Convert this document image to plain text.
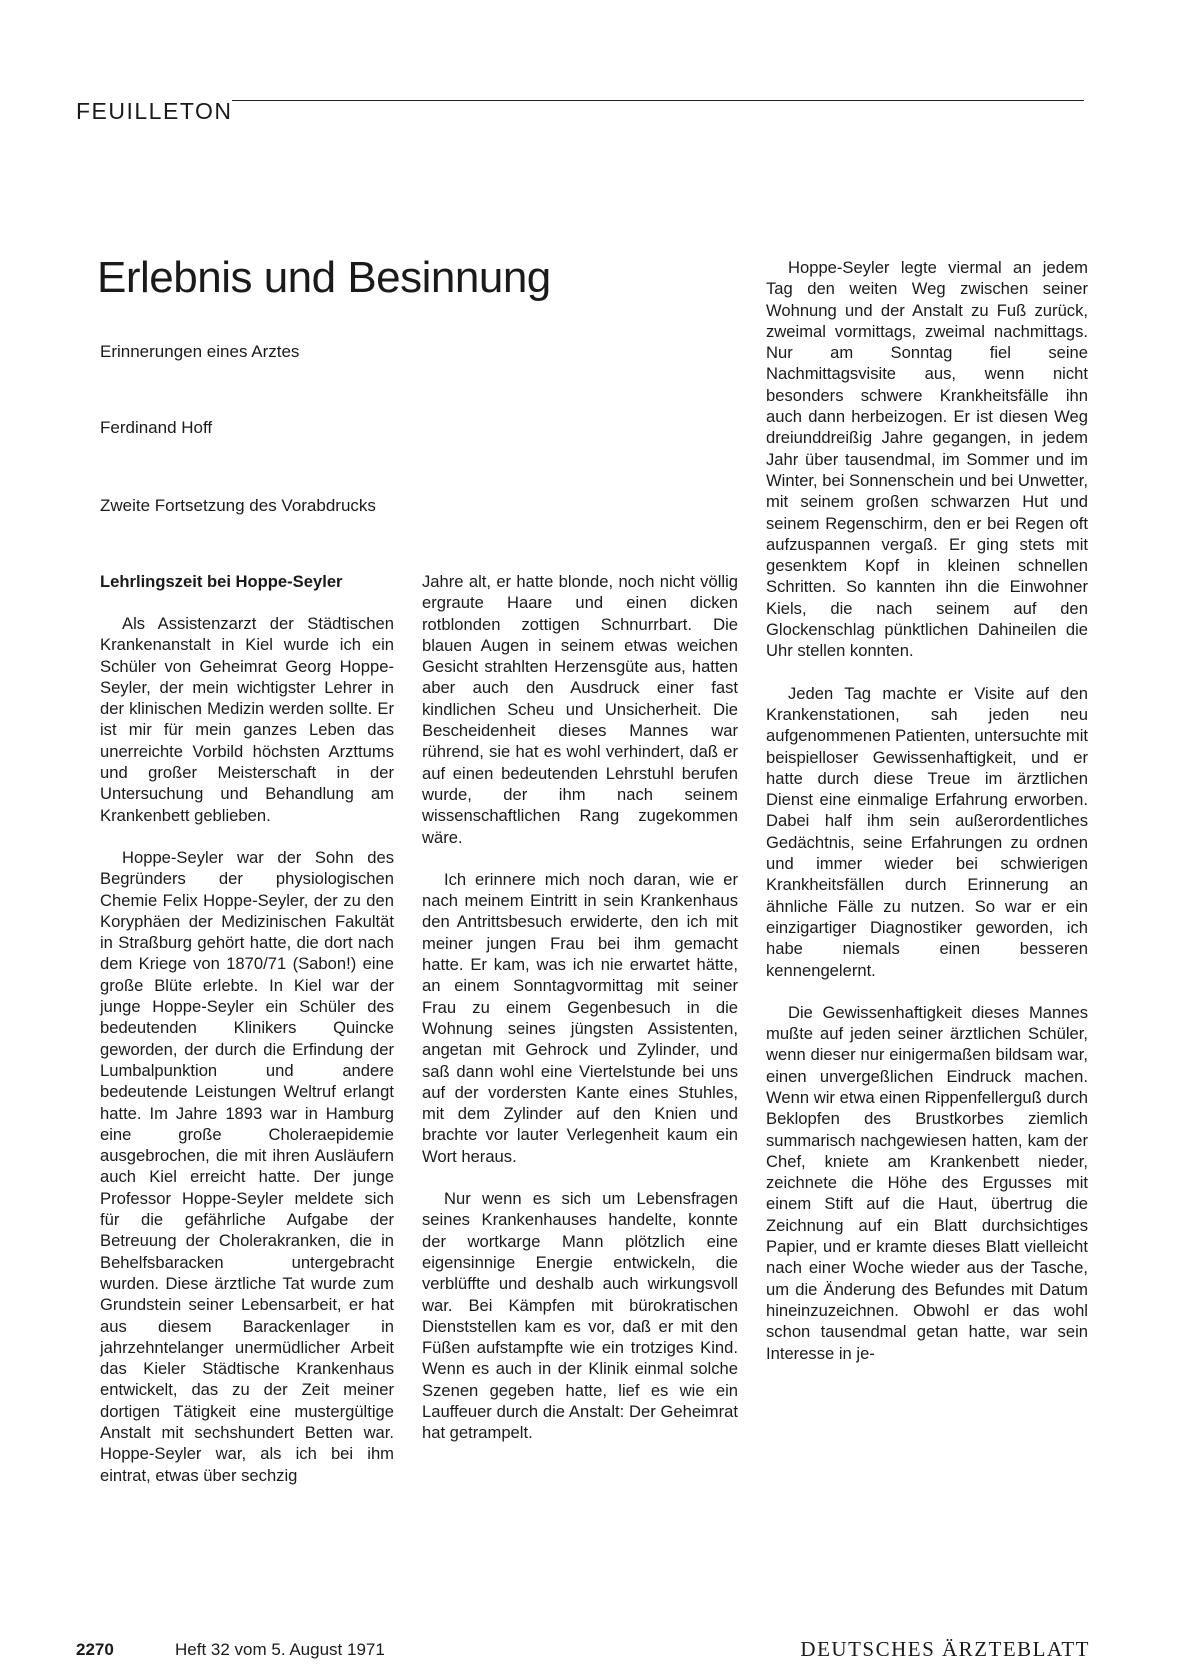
FEUILLETON
Erlebnis und Besinnung
Erinnerungen eines Arztes
Ferdinand Hoff
Zweite Fortsetzung des Vorabdrucks
Lehrlingszeit bei Hoppe-Seyler

Als Assistenzarzt der Städtischen Krankenanstalt in Kiel wurde ich ein Schüler von Geheimrat Georg Hoppe-Seyler, der mein wichtigster Lehrer in der klinischen Medizin werden sollte. Er ist mir für mein ganzes Leben das unerreichte Vorbild höchsten Arzttums und großer Meisterschaft in der Untersuchung und Behandlung am Krankenbett geblieben.

Hoppe-Seyler war der Sohn des Begründers der physiologischen Chemie Felix Hoppe-Seyler, der zu den Koryphäen der Medizinischen Fakultät in Straßburg gehört hatte, die dort nach dem Kriege von 1870/71 (Sabon!) eine große Blüte erlebte. In Kiel war der junge Hoppe-Seyler ein Schüler des bedeutenden Klinikers Quincke geworden, der durch die Erfindung der Lumbalpunktion und andere bedeutende Leistungen Weltruf erlangt hatte. Im Jahre 1893 war in Hamburg eine große Choleraepidemie ausgebrochen, die mit ihren Ausläufern auch Kiel erreicht hatte. Der junge Professor Hoppe-Seyler meldete sich für die gefährliche Aufgabe der Betreuung der Cholerakranken, die in Behelfsbaracken untergebracht wurden. Diese ärztliche Tat wurde zum Grundstein seiner Lebensarbeit, er hat aus diesem Barackenlager in jahrzehntelanger unermüdlicher Arbeit das Kieler Städtische Krankenhaus entwickelt, das zu der Zeit meiner dortigen Tätigkeit eine mustergültige Anstalt mit sechshundert Betten war. Hoppe-Seyler war, als ich bei ihm eintrat, etwas über sechzig

Jahre alt, er hatte blonde, noch nicht völlig ergraute Haare und einen dicken rotblonden zottigen Schnurrbart. Die blauen Augen in seinem etwas weichen Gesicht strahlten Herzensgüte aus, hatten aber auch den Ausdruck einer fast kindlichen Scheu und Unsicherheit. Die Bescheidenheit dieses Mannes war rührend, sie hat es wohl verhindert, daß er auf einen bedeutenden Lehrstuhl berufen wurde, der ihm nach seinem wissenschaftlichen Rang zugekommen wäre.

Ich erinnere mich noch daran, wie er nach meinem Eintritt in sein Krankenhaus den Antrittsbesuch erwiderte, den ich mit meiner jungen Frau bei ihm gemacht hatte. Er kam, was ich nie erwartet hätte, an einem Sonntagvormittag mit seiner Frau zu einem Gegenbesuch in die Wohnung seines jüngsten Assistenten, angetan mit Gehrock und Zylinder, und saß dann wohl eine Viertelstunde bei uns auf der vordersten Kante eines Stuhles, mit dem Zylinder auf den Knien und brachte vor lauter Verlegenheit kaum ein Wort heraus.

Nur wenn es sich um Lebensfragen seines Krankenhauses handelte, konnte der wortkarge Mann plötzlich eine eigensinnige Energie entwickeln, die verblüffte und deshalb auch wirkungsvoll war. Bei Kämpfen mit bürokratischen Dienststellen kam es vor, daß er mit den Füßen aufstampfte wie ein trotziges Kind. Wenn es auch in der Klinik einmal solche Szenen gegeben hatte, lief es wie ein Lauffeuer durch die Anstalt: Der Geheimrat hat getrampelt.

Hoppe-Seyler legte viermal an jedem Tag den weiten Weg zwischen seiner Wohnung und der Anstalt zu Fuß zurück, zweimal vormittags, zweimal nachmittags. Nur am Sonntag fiel seine Nachmittagsvisite aus, wenn nicht besonders schwere Krankheitsfälle ihn auch dann herbeizogen. Er ist diesen Weg dreiunddreißig Jahre gegangen, in jedem Jahr über tausendmal, im Sommer und im Winter, bei Sonnenschein und bei Unwetter, mit seinem großen schwarzen Hut und seinem Regenschirm, den er bei Regen oft aufzuspannen vergaß. Er ging stets mit gesenktem Kopf in kleinen schnellen Schritten. So kannten ihn die Einwohner Kiels, die nach seinem auf den Glockenschlag pünktlichen Dahineilen die Uhr stellen konnten.

Jeden Tag machte er Visite auf den Krankenstationen, sah jeden neu aufgenommenen Patienten, untersuchte mit beispielloser Gewissenhaftigkeit, und er hatte durch diese Treue im ärztlichen Dienst eine einmalige Erfahrung erworben. Dabei half ihm sein außerordentliches Gedächtnis, seine Erfahrungen zu ordnen und immer wieder bei schwierigen Krankheitsfällen durch Erinnerung an ähnliche Fälle zu nutzen. So war er ein einzigartiger Diagnostiker geworden, ich habe niemals einen besseren kennengelernt.

Die Gewissenhaftigkeit dieses Mannes mußte auf jeden seiner ärztlichen Schüler, wenn dieser nur einigermaßen bildsam war, einen unvergeßlichen Eindruck machen. Wenn wir etwa einen Rippenfellerguß durch Beklopfen des Brustkorbes ziemlich summarisch nachgewiesen hatten, kam der Chef, kniete am Krankenbett nieder, zeichnete die Höhe des Ergusses mit einem Stift auf die Haut, übertrug die Zeichnung auf ein Blatt durchsichtiges Papier, und er kramte dieses Blatt vielleicht nach einer Woche wieder aus der Tasche, um die Änderung des Befundes mit Datum hineinzuzeichnen. Obwohl er das wohl schon tausendmal getan hatte, war sein Interesse in je-

2270	Heft 32 vom 5. August 1971	DEUTSCHES ÄRZTEBLATT
